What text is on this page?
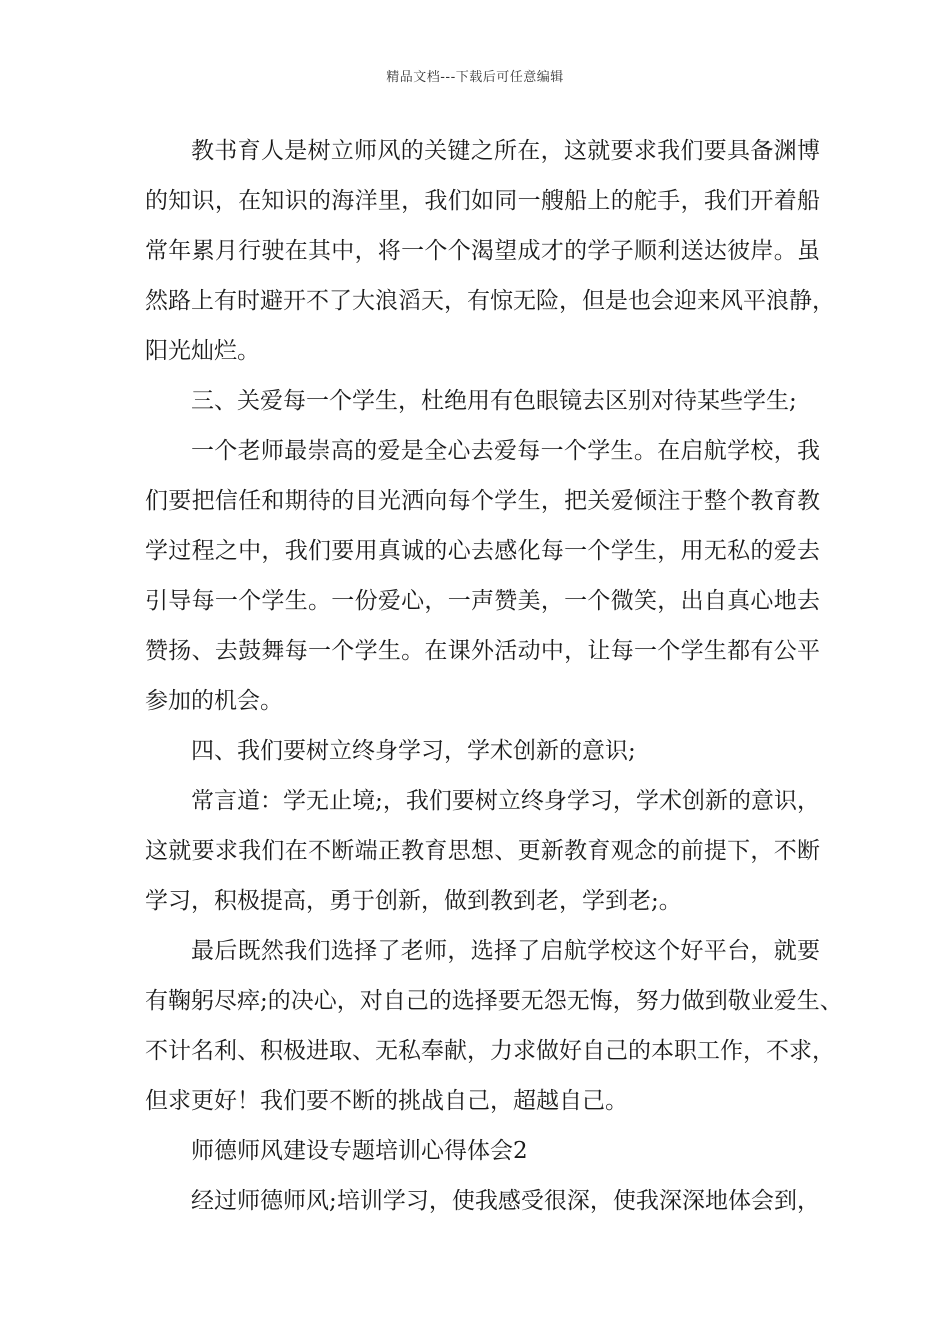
精品文档---下载后可任意编辑
教书育人是树立师风的关键之所在，这就要求我们要具备渊博
的知识，在知识的海洋里，我们如同一艘船上的舵手，我们开着船
常年累月行驶在其中，将一个个渴望成才的学子顺利送达彼岸。虽
然路上有时避开不了大浪滔天，有惊无险，但是也会迎来风平浪静，
阳光灿烂。
三、关爱每一个学生，杜绝用有色眼镜去区别对待某些学生;
一个老师最崇高的爱是全心去爱每一个学生。在启航学校，我
们要把信任和期待的目光洒向每个学生，把关爱倾注于整个教育教
学过程之中，我们要用真诚的心去感化每一个学生，用无私的爱去
引导每一个学生。一份爱心，一声赞美，一个微笑，出自真心地去
赞扬、去鼓舞每一个学生。在课外活动中，让每一个学生都有公平
参加的机会。
四、我们要树立终身学习，学术创新的意识;
常言道：学无止境;，我们要树立终身学习，学术创新的意识，
这就要求我们在不断端正教育思想、更新教育观念的前提下，不断
学习，积极提高，勇于创新，做到教到老，学到老;。
最后既然我们选择了老师，选择了启航学校这个好平台，就要
有鞠躬尽瘁;的决心，对自己的选择要无怨无悔，努力做到敬业爱生、
不计名利、积极进取、无私奉献，力求做好自己的本职工作，不求，
但求更好！我们要不断的挑战自己，超越自己。
师德师风建设专题培训心得体会2
经过师德师风;培训学习，使我感受很深，使我深深地体会到，
